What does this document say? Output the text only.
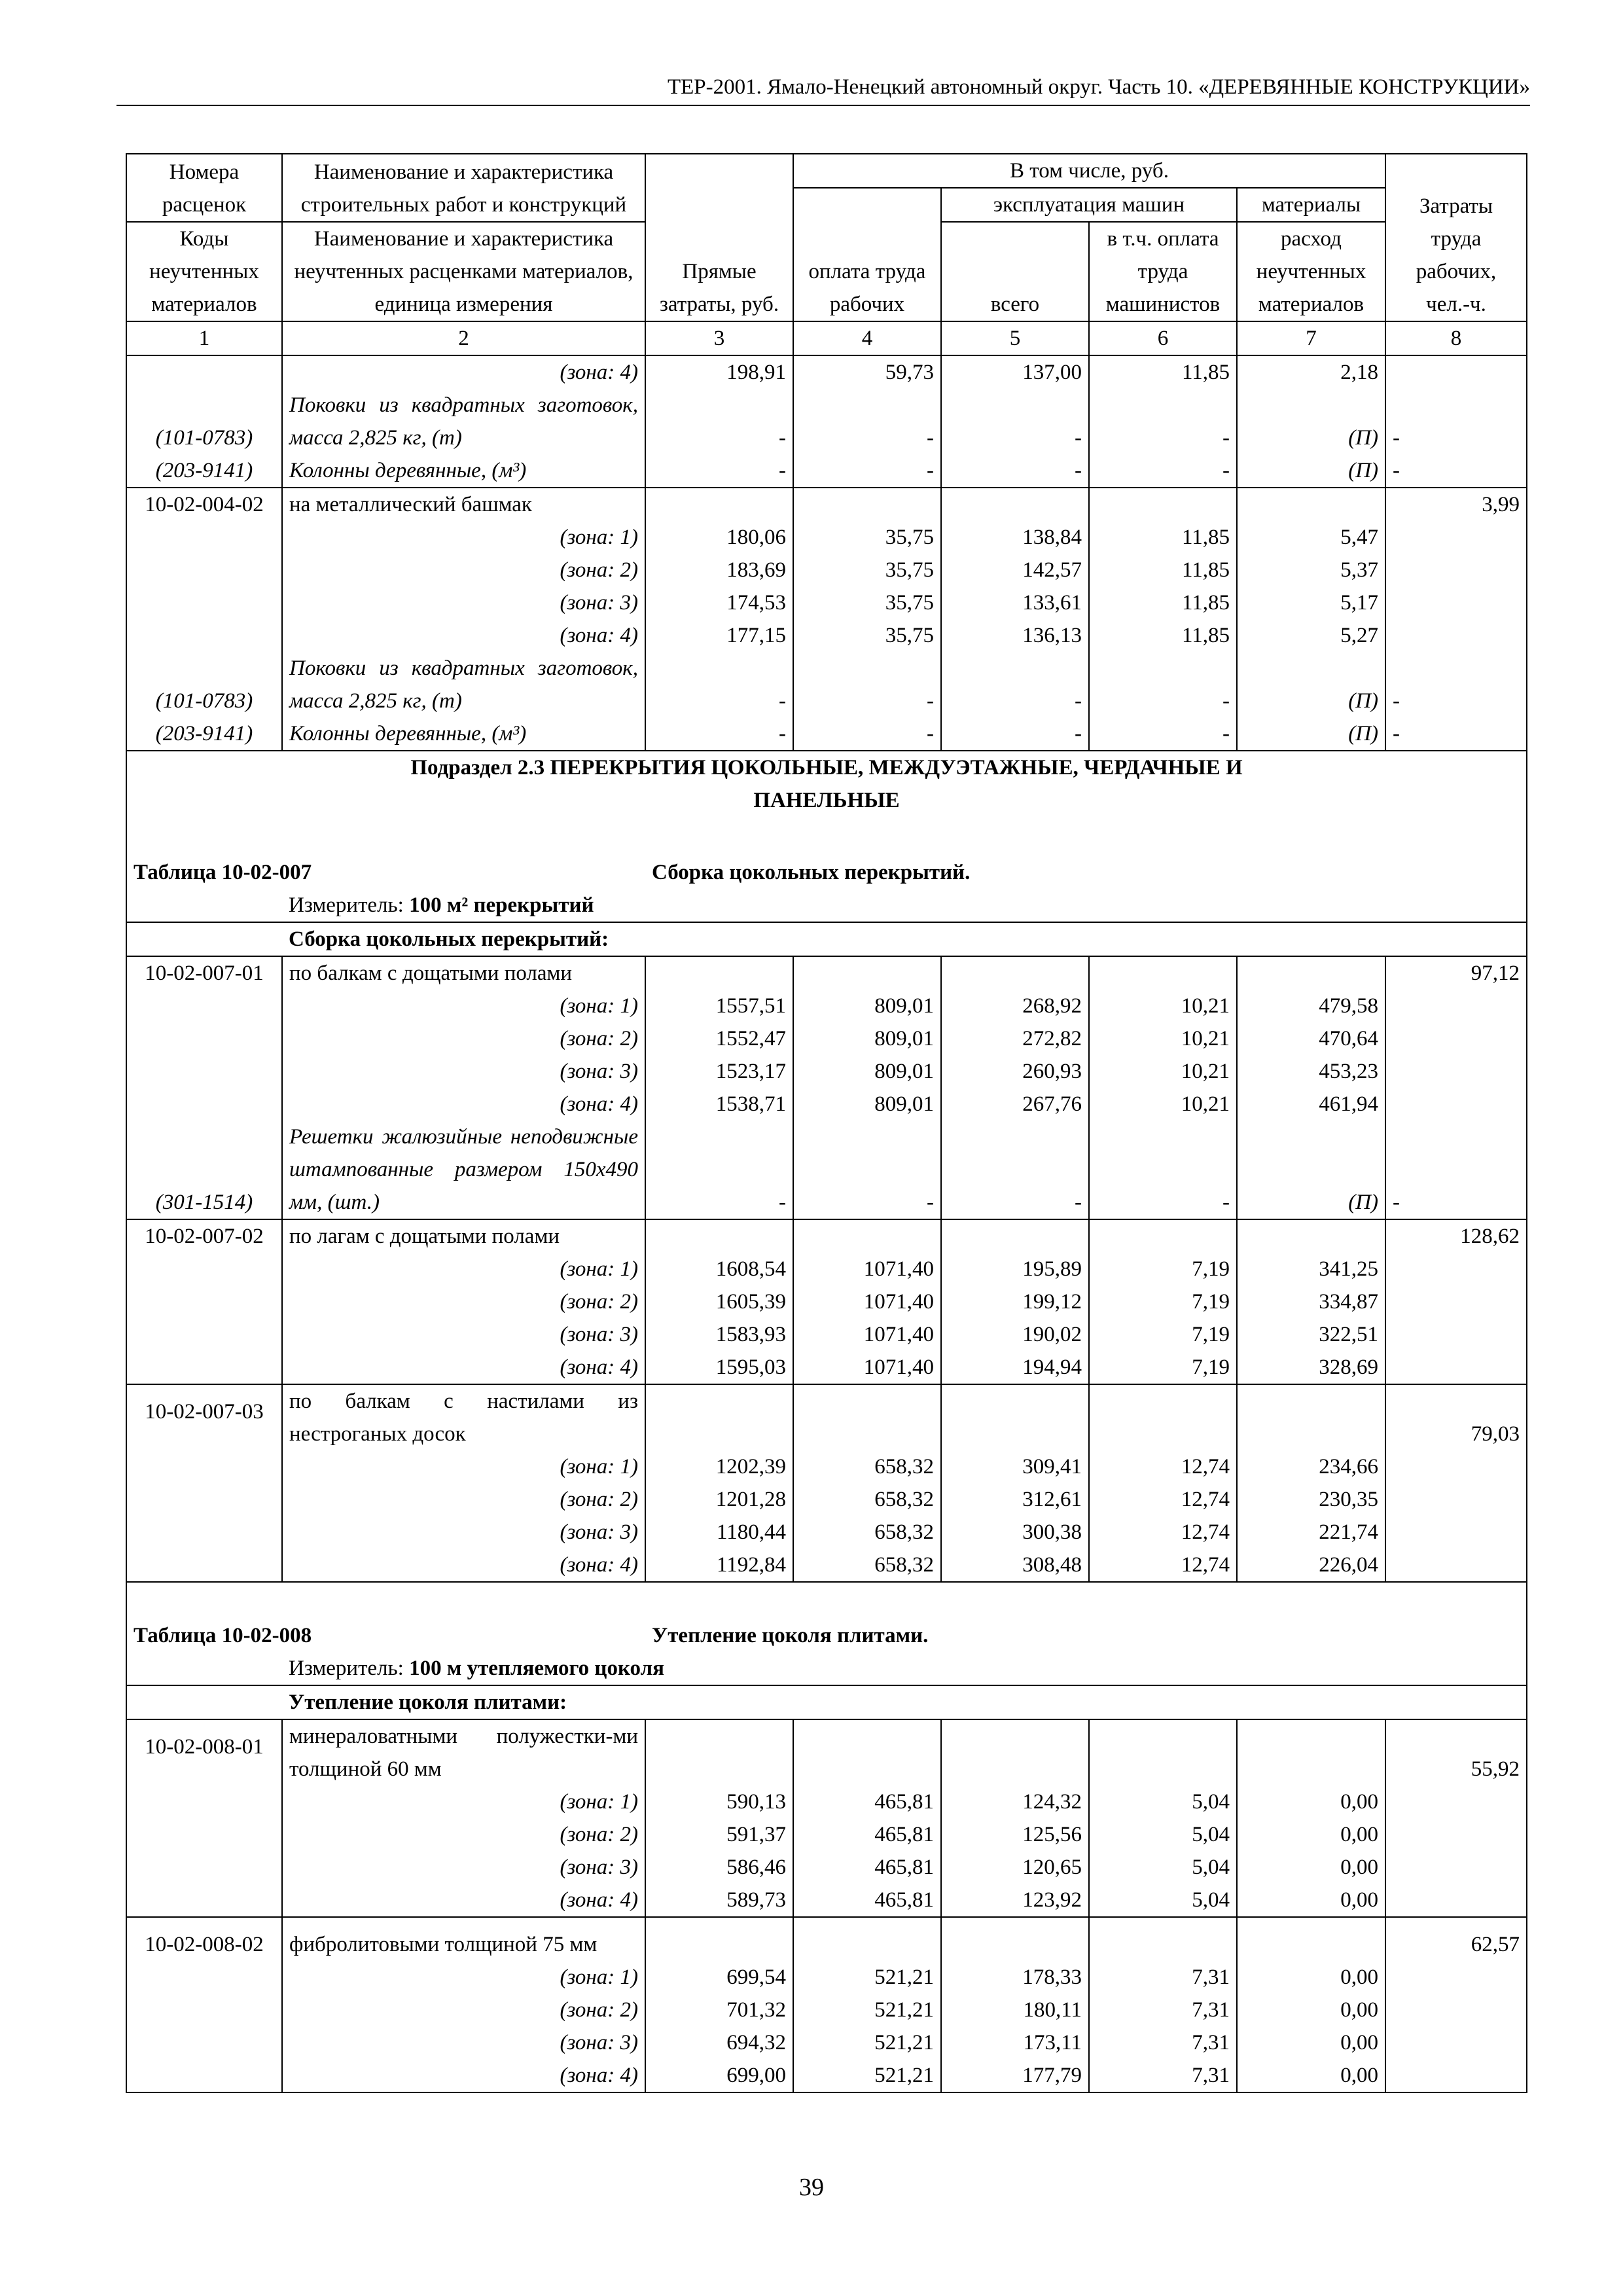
ТЕР-2001. Ямало-Ненецкий автономный округ. Часть 10. «ДЕРЕВЯННЫЕ КОНСТРУКЦИИ»
Номера расценок	Наименование и характеристика строительных работ и конструкций	Прямые затраты, руб.	В том числе, руб.				Затраты труда рабочих, чел.-ч.
			оплата труда рабочих	эксплуатация машин		материалы	
Коды неучтенных материалов	Наименование и характеристика неучтенных расценками материалов, единица измерения			всего	в т.ч. оплата труда машинистов	расход неучтенных материалов	
1	2	3	4	5	6	7	8
	(зона: 4)	198,91	59,73	137,00	11,85	2,18	
(101-0783)	Поковки из квадратных заготовок, масса 2,825 кг, (т)	-	-	-	-	(П)	-
(203-9141)	Колонны деревянные, (м³)	-	-	-	-	(П)	-
10-02-004-02	на металлический башмак						3,99
	(зона: 1)	180,06	35,75	138,84	11,85	5,47	
	(зона: 2)	183,69	35,75	142,57	11,85	5,37	
	(зона: 3)	174,53	35,75	133,61	11,85	5,17	
	(зона: 4)	177,15	35,75	136,13	11,85	5,27	
(101-0783)	Поковки из квадратных заготовок, масса 2,825 кг, (т)	-	-	-	-	(П)	-
(203-9141)	Колонны деревянные, (м³)	-	-	-	-	(П)	-

Подраздел 2.3 ПЕРЕКРЫТИЯ ЦОКОЛЬНЫЕ, МЕЖДУЭТАЖНЫЕ, ЧЕРДАЧНЫЕ И
ПАНЕЛЬНЫЕ							

Таблица 10-02-007		Сборка цокольных перекрытий.					
	Измеритель: 100 м² перекрытий						
	Сборка цокольных перекрытий:						
10-02-007-01	по балкам с дощатыми полами						97,12
	(зона: 1)	1557,51	809,01	268,92	10,21	479,58	
	(зона: 2)	1552,47	809,01	272,82	10,21	470,64	
	(зона: 3)	1523,17	809,01	260,93	10,21	453,23	
	(зона: 4)	1538,71	809,01	267,76	10,21	461,94	
(301-1514)	Решетки жалюзийные неподвижные штампованные размером 150х490 мм, (шт.)	-	-	-	-	(П)	-
10-02-007-02	по лагам с дощатыми полами						128,62
	(зона: 1)	1608,54	1071,40	195,89	7,19	341,25	
	(зона: 2)	1605,39	1071,40	199,12	7,19	334,87	
	(зона: 3)	1583,93	1071,40	190,02	7,19	322,51	
	(зона: 4)	1595,03	1071,40	194,94	7,19	328,69	
10-02-007-03	по балкам с настилами из нестроганых досок						79,03
	(зона: 1)	1202,39	658,32	309,41	12,74	234,66	
	(зона: 2)	1201,28	658,32	312,61	12,74	230,35	
	(зона: 3)	1180,44	658,32	300,38	12,74	221,74	
	(зона: 4)	1192,84	658,32	308,48	12,74	226,04	

Таблица 10-02-008		Утепление цоколя плитами.					
	Измеритель: 100 м утепляемого цоколя						
	Утепление цоколя плитами:						
10-02-008-01	минераловатными полужестки-ми толщиной 60 мм						55,92
	(зона: 1)	590,13	465,81	124,32	5,04	0,00	
	(зона: 2)	591,37	465,81	125,56	5,04	0,00	
	(зона: 3)	586,46	465,81	120,65	5,04	0,00	
	(зона: 4)	589,73	465,81	123,92	5,04	0,00	
10-02-008-02	фибролитовыми толщиной 75 мм						62,57
	(зона: 1)	699,54	521,21	178,33	7,31	0,00	
	(зона: 2)	701,32	521,21	180,11	7,31	0,00	
	(зона: 3)	694,32	521,21	173,11	7,31	0,00	
	(зона: 4)	699,00	521,21	177,79	7,31	0,00	
39
